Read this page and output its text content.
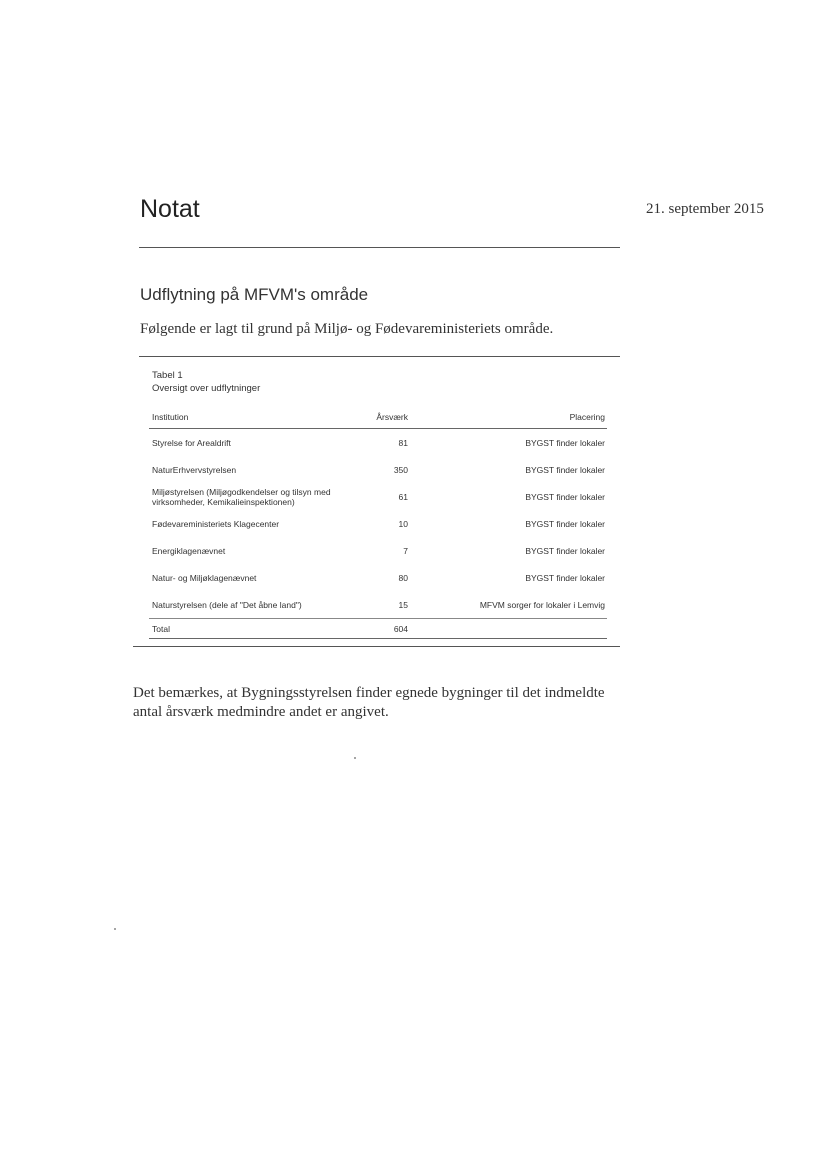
Notat	21. september 2015
Udflytning på MFVM's område
Følgende er lagt til grund på Miljø- og Fødevareministeriets område.
Tabel 1
Oversigt over udflytninger
Institution	Årsværk	Placering
Styrelse for Arealdrift	81	BYGST finder lokaler
NaturErhvervstyrelsen	350	BYGST finder lokaler
Miljøstyrelsen (Miljøgodkendelser og tilsyn med virksomheder, Kemikalieinspektionen)	61	BYGST finder lokaler
Fødevareministeriets Klagecenter	10	BYGST finder lokaler
Energiklagenævnet	7	BYGST finder lokaler
Natur- og Miljøklagenævnet	80	BYGST finder lokaler
Naturstyrelsen (dele af "Det åbne land")	15	MFVM sorger for lokaler i Lemvig
Total	604	
Det bemærkes, at Bygningsstyrelsen finder egnede bygninger til det indmeldte antal årsværk medmindre andet er angivet.
